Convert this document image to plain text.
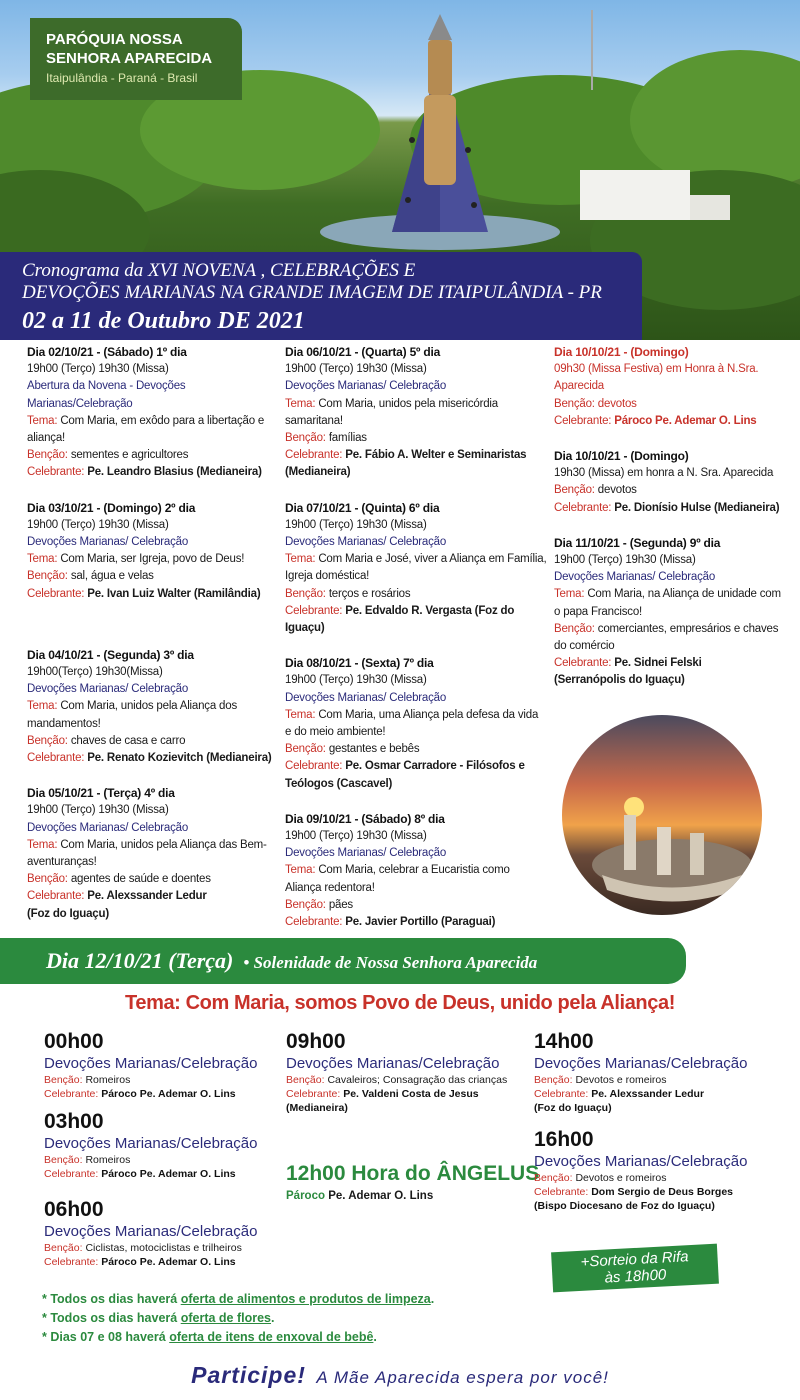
PARÓQUIA NOSSA
SENHORA APARECIDA
Itaipulândia - Paraná - Brasil
Cronograma da XVI NOVENA , CELEBRAÇÕES E
DEVOÇÕES MARIANAS NA GRANDE IMAGEM DE ITAIPULÂNDIA - PR
02 a 11 de Outubro DE 2021
Dia 02/10/21 - (Sábado) 1º dia
19h00 (Terço) 19h30 (Missa)
Abertura da Novena - Devoções Marianas/Celebração
Tema: Com Maria, em exôdo para a libertação e aliança!
Benção: sementes e agricultores
Celebrante: Pe. Leandro Blasius (Medianeira)
Dia 03/10/21 - (Domingo) 2º dia
19h00 (Terço) 19h30 (Missa)
Devoções Marianas/ Celebração
Tema: Com Maria, ser Igreja, povo de Deus!
Benção: sal, água e velas
Celebrante: Pe. Ivan Luiz Walter (Ramilândia)
Dia 04/10/21 - (Segunda) 3º dia
19h00(Terço) 19h30(Missa)
Devoções Marianas/ Celebração
Tema: Com Maria, unidos pela Aliança dos mandamentos!
Benção: chaves de casa e carro
Celebrante: Pe. Renato Kozievitch (Medianeira)
Dia 05/10/21 - (Terça) 4º dia
19h00 (Terço) 19h30 (Missa)
Devoções Marianas/ Celebração
Tema: Com Maria, unidos pela Aliança das Bem-aventuranças!
Benção: agentes de saúde e doentes
Celebrante: Pe. Alexssander Ledur
(Foz do Iguaçu)
Dia 06/10/21 - (Quarta) 5º dia
19h00 (Terço) 19h30 (Missa)
Devoções Marianas/ Celebração
Tema: Com Maria, unidos pela misericórdia samaritana!
Benção: famílias
Celebrante: Pe. Fábio A. Welter e Seminaristas (Medianeira)
Dia 07/10/21 - (Quinta) 6º dia
19h00 (Terço) 19h30 (Missa)
Devoções Marianas/ Celebração
Tema: Com Maria e José, viver a Aliança em Família, Igreja doméstica!
Benção: terços e rosários
Celebrante: Pe. Edvaldo R. Vergasta (Foz do Iguaçu)
Dia 08/10/21 - (Sexta) 7º dia
19h00 (Terço) 19h30 (Missa)
Devoções Marianas/ Celebração
Tema: Com Maria, uma Aliança pela defesa da vida e do meio ambiente!
Benção: gestantes e bebês
Celebrante: Pe. Osmar Carradore - Filósofos e Teólogos (Cascavel)
Dia 09/10/21 - (Sábado) 8º dia
19h00 (Terço) 19h30 (Missa)
Devoções Marianas/ Celebração
Tema: Com Maria, celebrar a Eucaristia como Aliança redentora!
Benção: pães
Celebrante: Pe. Javier Portillo (Paraguai)
Dia 10/10/21 - (Domingo)
09h30 (Missa Festiva) em Honra à N.Sra. Aparecida
Benção: devotos
Celebrante: Pároco Pe. Ademar O. Lins
Dia 10/10/21 - (Domingo)
19h30 (Missa) em honra a N. Sra. Aparecida
Benção: devotos
Celebrante: Pe. Dionísio Hulse (Medianeira)
Dia 11/10/21 - (Segunda) 9º dia
19h00 (Terço) 19h30 (Missa)
Devoções Marianas/ Celebração
Tema: Com Maria, na Aliança de unidade com o papa Francisco!
Benção: comerciantes, empresários e chaves do comércio
Celebrante: Pe. Sidnei Felski
(Serranópolis do Iguaçu)
Dia 12/10/21 (Terça) • Solenidade de Nossa Senhora Aparecida
Tema: Com Maria, somos Povo de Deus, unido pela Aliança!
00h00
Devoções Marianas/Celebração
Benção: Romeiros
Celebrante: Pároco Pe. Ademar O. Lins
03h00
Devoções Marianas/Celebração
Benção: Romeiros
Celebrante: Pároco Pe. Ademar O. Lins
06h00
Devoções Marianas/Celebração
Benção: Ciclistas, motociclistas e trilheiros
Celebrante: Pároco Pe. Ademar O. Lins
09h00
Devoções Marianas/Celebração
Benção: Cavaleiros; Consagração das crianças
Celebrante: Pe. Valdeni Costa de Jesus
(Medianeira)
12h00 Hora do ÂNGELUS
Pároco Pe. Ademar O. Lins
14h00
Devoções Marianas/Celebração
Benção: Devotos e romeiros
Celebrante: Pe. Alexssander Ledur
(Foz do Iguaçu)
16h00
Devoções Marianas/Celebração
Benção: Devotos e romeiros
Celebrante: Dom Sergio de Deus Borges
(Bispo Diocesano de Foz do Iguaçu)
+Sorteio da Rifa
às 18h00
* Todos os dias haverá oferta de alimentos e produtos de limpeza.
* Todos os dias haverá oferta de flores.
* Dias 07 e 08 haverá oferta de itens de enxoval de bebê.
Participe! A Mãe Aparecida espera por você!
